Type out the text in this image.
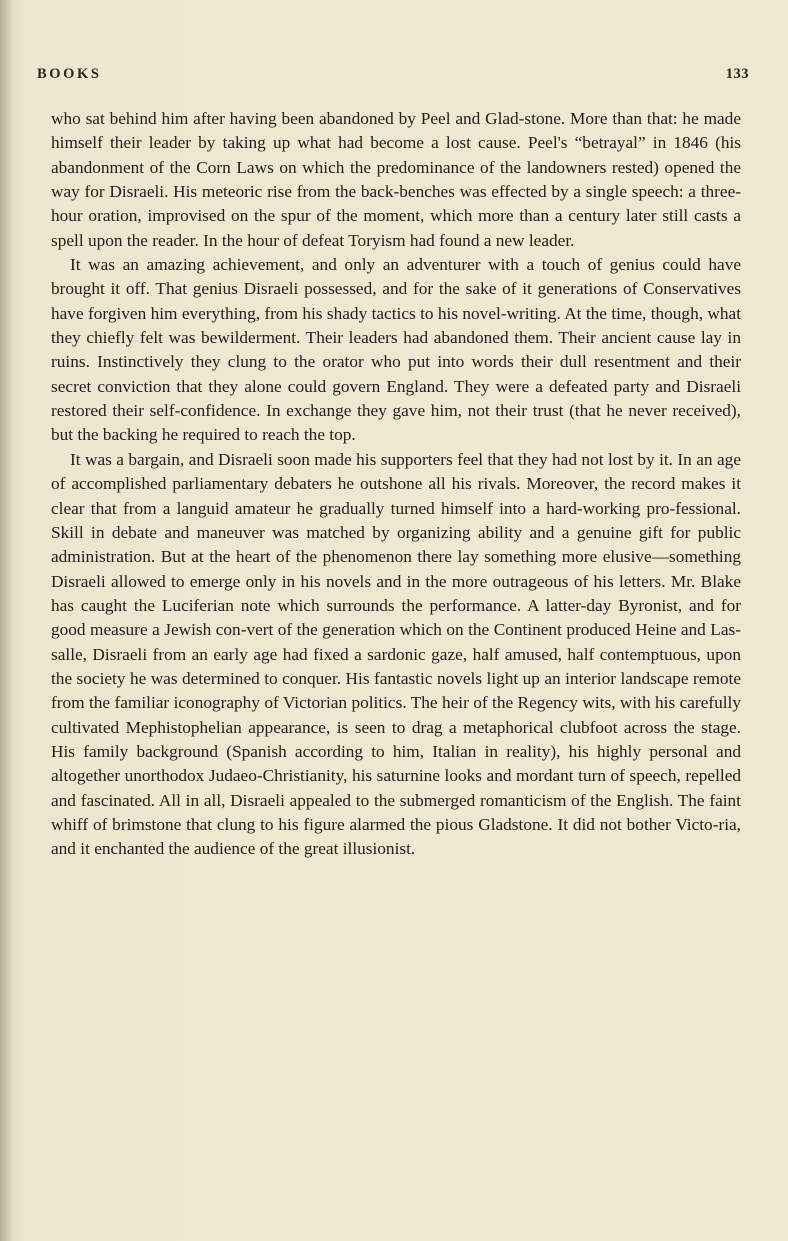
BOOKS	133

who sat behind him after having been abandoned by Peel and Glad-stone. More than that: he made himself their leader by taking up what had become a lost cause. Peel's “betrayal” in 1846 (his abandonment of the Corn Laws on which the predominance of the landowners rested) opened the way for Disraeli. His meteoric rise from the back-benches was effected by a single speech: a three-hour oration, improvised on the spur of the moment, which more than a century later still casts a spell upon the reader. In the hour of defeat Toryism had found a new leader.

It was an amazing achievement, and only an adventurer with a touch of genius could have brought it off. That genius Disraeli possessed, and for the sake of it generations of Conservatives have forgiven him everything, from his shady tactics to his novel-writing. At the time, though, what they chiefly felt was bewilderment. Their leaders had abandoned them. Their ancient cause lay in ruins. Instinctively they clung to the orator who put into words their dull resentment and their secret conviction that they alone could govern England. They were a defeated party and Disraeli restored their self-confidence. In exchange they gave him, not their trust (that he never received), but the backing he required to reach the top.

It was a bargain, and Disraeli soon made his supporters feel that they had not lost by it. In an age of accomplished parliamentary debaters he outshone all his rivals. Moreover, the record makes it clear that from a languid amateur he gradually turned himself into a hard-working pro-fessional. Skill in debate and maneuver was matched by organizing ability and a genuine gift for public administration. But at the heart of the phenomenon there lay something more elusive—something Disraeli allowed to emerge only in his novels and in the more outrageous of his letters. Mr. Blake has caught the Luciferian note which surrounds the performance. A latter-day Byronist, and for good measure a Jewish con-vert of the generation which on the Continent produced Heine and Las-salle, Disraeli from an early age had fixed a sardonic gaze, half amused, half contemptuous, upon the society he was determined to conquer. His fantastic novels light up an interior landscape remote from the familiar iconography of Victorian politics. The heir of the Regency wits, with his carefully cultivated Mephistophelian appearance, is seen to drag a metaphorical clubfoot across the stage. His family background (Spanish according to him, Italian in reality), his highly personal and altogether unorthodox Judaeo-Christianity, his saturnine looks and mordant turn of speech, repelled and fascinated. All in all, Disraeli appealed to the submerged romanticism of the English. The faint whiff of brimstone that clung to his figure alarmed the pious Gladstone. It did not bother Victo-ria, and it enchanted the audience of the great illusionist.
